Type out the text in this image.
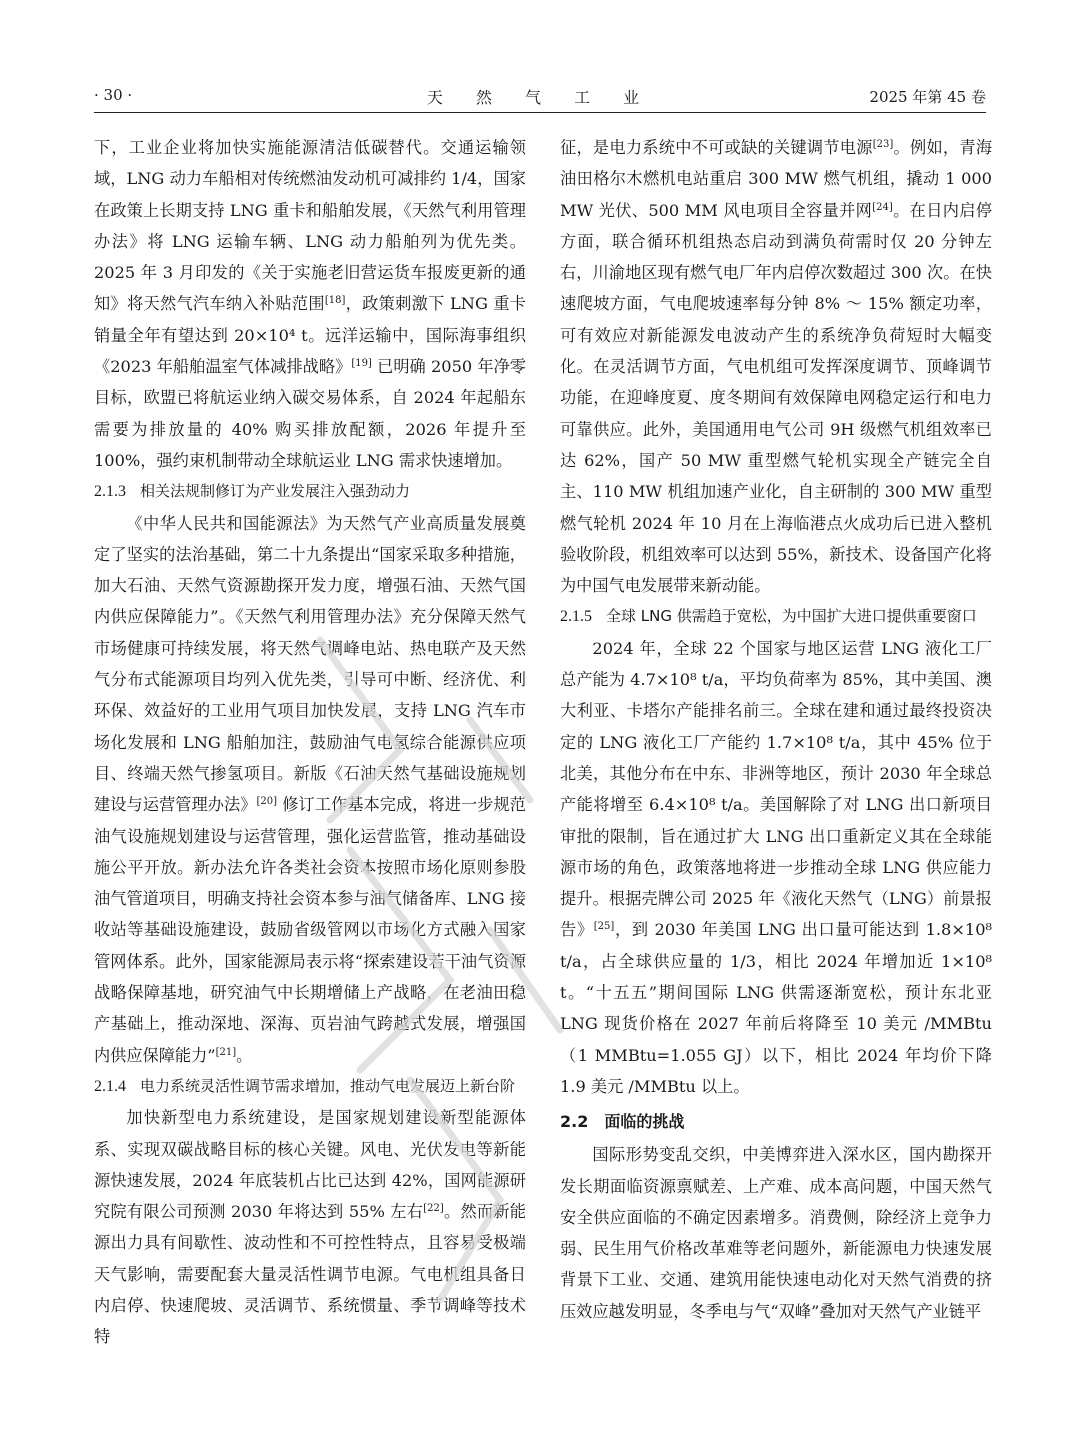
· 30 ·	天 然 气 工 业	2025 年第 45 卷

下，工业企业将加快实施能源清洁低碳替代。交通运输领域，LNG 动力车船相对传统燃油发动机可减排约 1/4，国家在政策上长期支持 LNG 重卡和船舶发展，《天然气利用管理办法》将 LNG 运输车辆、LNG 动力船舶列为优先类。2025 年 3 月印发的《关于实施老旧营运货车报废更新的通知》将天然气汽车纳入补贴范围[18]，政策刺激下 LNG 重卡销量全年有望达到 20×10⁴ t。远洋运输中，国际海事组织《2023 年船舶温室气体减排战略》[19] 已明确 2050 年净零目标，欧盟已将航运业纳入碳交易体系，自 2024 年起船东需要为排放量的 40% 购买排放配额，2026 年提升至 100%，强约束机制带动全球航运业 LNG 需求快速增加。

2.1.3 相关法规制修订为产业发展注入强劲动力

《中华人民共和国能源法》为天然气产业高质量发展奠定了坚实的法治基础，第二十九条提出“国家采取多种措施，加大石油、天然气资源勘探开发力度，增强石油、天然气国内供应保障能力”。《天然气利用管理办法》充分保障天然气市场健康可持续发展，将天然气调峰电站、热电联产及天然气分布式能源项目均列入优先类，引导可中断、经济优、利环保、效益好的工业用气项目加快发展，支持 LNG 汽车市场化发展和 LNG 船舶加注，鼓励油气电氢综合能源供应项目、终端天然气掺氢项目。新版《石油天然气基础设施规划建设与运营管理办法》[20] 修订工作基本完成，将进一步规范油气设施规划建设与运营管理，强化运营监管，推动基础设施公平开放。新办法允许各类社会资本按照市场化原则参股油气管道项目，明确支持社会资本参与油气储备库、LNG 接收站等基础设施建设，鼓励省级管网以市场化方式融入国家管网体系。此外，国家能源局表示将“探索建设若干油气资源战略保障基地，研究油气中长期增储上产战略，在老油田稳产基础上，推动深地、深海、页岩油气跨越式发展，增强国内供应保障能力”[21]。

2.1.4 电力系统灵活性调节需求增加，推动气电发展迈上新台阶

加快新型电力系统建设，是国家规划建设新型能源体系、实现双碳战略目标的核心关键。风电、光伏发电等新能源快速发展，2024 年底装机占比已达到 42%，国网能源研究院有限公司预测 2030 年将达到 55% 左右[22]。然而新能源出力具有间歇性、波动性和不可控性特点，且容易受极端天气影响，需要配套大量灵活性调节电源。气电机组具备日内启停、快速爬坡、灵活调节、系统惯量、季节调峰等技术特

征，是电力系统中不可或缺的关键调节电源[23]。例如，青海油田格尔木燃机电站重启 300 MW 燃气机组，撬动 1 000 MW 光伏、500 MM 风电项目全容量并网[24]。在日内启停方面，联合循环机组热态启动到满负荷需时仅 20 分钟左右，川渝地区现有燃气电厂年内启停次数超过 300 次。在快速爬坡方面，气电爬坡速率每分钟 8% ～ 15% 额定功率，可有效应对新能源发电波动产生的系统净负荷短时大幅变化。在灵活调节方面，气电机组可发挥深度调节、顶峰调节功能，在迎峰度夏、度冬期间有效保障电网稳定运行和电力可靠供应。此外，美国通用电气公司 9H 级燃气机组效率已达 62%，国产 50 MW 重型燃气轮机实现全产链完全自主、110 MW 机组加速产业化，自主研制的 300 MW 重型燃气轮机 2024 年 10 月在上海临港点火成功后已进入整机验收阶段，机组效率可以达到 55%，新技术、设备国产化将为中国气电发展带来新动能。

2.1.5 全球 LNG 供需趋于宽松，为中国扩大进口提供重要窗口

2024 年，全球 22 个国家与地区运营 LNG 液化工厂总产能为 4.7×10⁸ t/a，平均负荷率为 85%，其中美国、澳大利亚、卡塔尔产能排名前三。全球在建和通过最终投资决定的 LNG 液化工厂产能约 1.7×10⁸ t/a，其中 45% 位于北美，其他分布在中东、非洲等地区，预计 2030 年全球总产能将增至 6.4×10⁸ t/a。美国解除了对 LNG 出口新项目审批的限制，旨在通过扩大 LNG 出口重新定义其在全球能源市场的角色，政策落地将进一步推动全球 LNG 供应能力提升。根据壳牌公司 2025 年《液化天然气（LNG）前景报告》[25]，到 2030 年美国 LNG 出口量可能达到 1.8×10⁸ t/a，占全球供应量的 1/3，相比 2024 年增加近 1×10⁸ t。“十五五”期间国际 LNG 供需逐渐宽松，预计东北亚 LNG 现货价格在 2027 年前后将降至 10 美元 /MMBtu（1 MMBtu=1.055 GJ）以下，相比 2024 年均价下降 1.9 美元 /MMBtu 以上。

2.2 面临的挑战

国际形势变乱交织，中美博弈进入深水区，国内勘探开发长期面临资源禀赋差、上产难、成本高问题，中国天然气安全供应面临的不确定因素增多。消费侧，除经济上竞争力弱、民生用气价格改革难等老问题外，新能源电力快速发展背景下工业、交通、建筑用能快速电动化对天然气消费的挤压效应越发明显，冬季电与气“双峰”叠加对天然气产业链平
